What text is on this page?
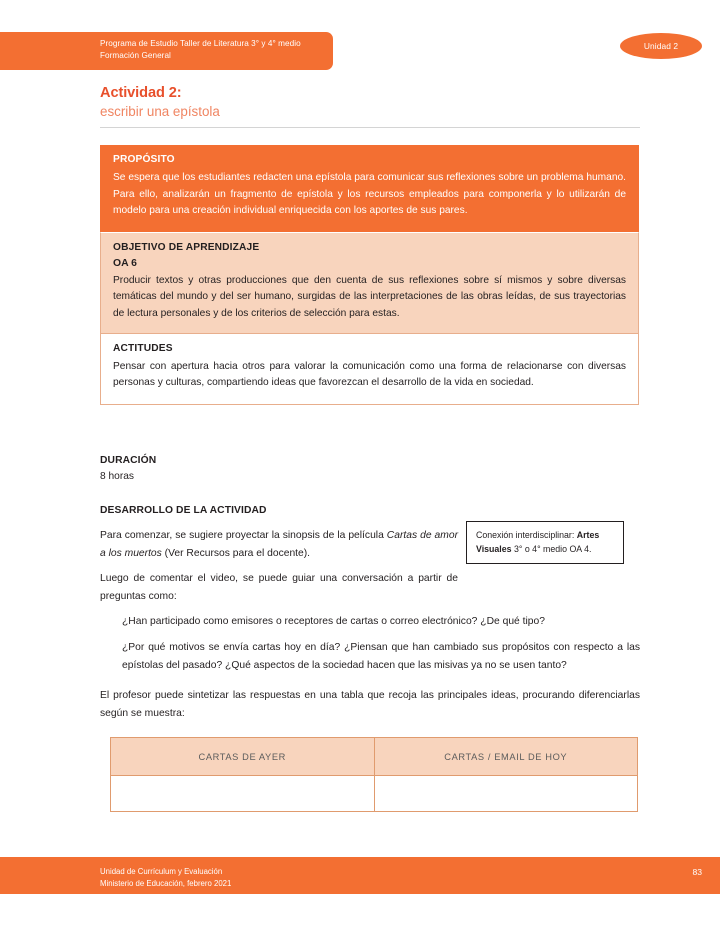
Programa de Estudio Taller de Literatura 3° y 4° medio
Formación General
Unidad 2
Actividad 2:
escribir una epístola
PROPÓSITO
Se espera que los estudiantes redacten una epístola para comunicar sus reflexiones sobre un problema humano. Para ello, analizarán un fragmento de epístola y los recursos empleados para componerla y lo utilizarán de modelo para una creación individual enriquecida con los aportes de sus pares.
OBJETIVO DE APRENDIZAJE
OA 6
Producir textos y otras producciones que den cuenta de sus reflexiones sobre sí mismos y sobre diversas temáticas del mundo y del ser humano, surgidas de las interpretaciones de las obras leídas, de sus trayectorias de lectura personales y de los criterios de selección para estas.
ACTITUDES
Pensar con apertura hacia otros para valorar la comunicación como una forma de relacionarse con diversas personas y culturas, compartiendo ideas que favorezcan el desarrollo de la vida en sociedad.
DURACIÓN
8 horas
DESARROLLO DE LA ACTIVIDAD
Para comenzar, se sugiere proyectar la sinopsis de la película Cartas de amor a los muertos (Ver Recursos para el docente).
Conexión interdisciplinar: Artes Visuales 3° o 4° medio OA 4.
Luego de comentar el video, se puede guiar una conversación a partir de preguntas como:
¿Han participado como emisores o receptores de cartas o correo electrónico? ¿De qué tipo?
¿Por qué motivos se envía cartas hoy en día? ¿Piensan que han cambiado sus propósitos con respecto a las epístolas del pasado? ¿Qué aspectos de la sociedad hacen que las misivas ya no se usen tanto?
El profesor puede sintetizar las respuestas en una tabla que recoja las principales ideas, procurando diferenciarlas según se muestra:
CARTAS DE AYER	CARTAS / EMAIL DE HOY

Unidad de Currículum y Evaluación
Ministerio de Educación, febrero 2021
83
